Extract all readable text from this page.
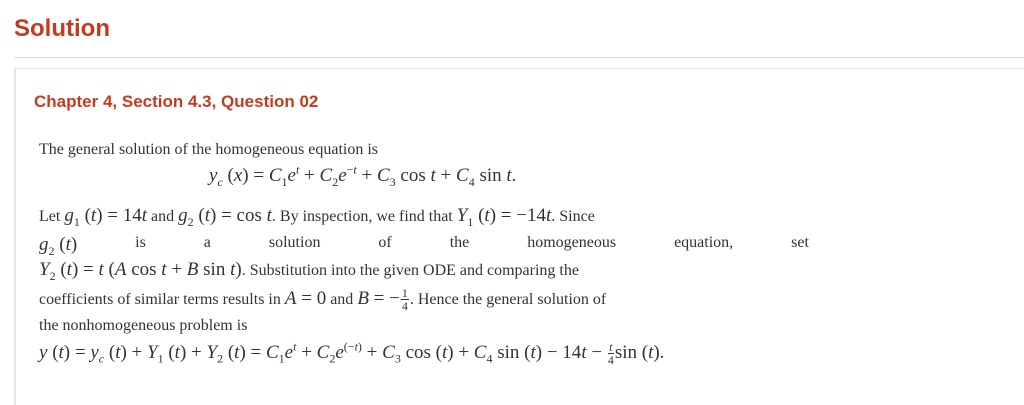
Solution
Chapter 4, Section 4.3, Question 02
The general solution of the homogeneous equation is
$y_c$ $(x) = C_1e^t + C_2e^{-t} + C_3$ $\cos t + C_4$ sin t.
Let $g_1$ (t) = 14t and $g_2$ (t) = cos t. By inspection, we find that $Y_1$ (t) = −14t. Since
$g_2$ (t)	is	a	solution	of	the	homogeneous	equation,	set
$Y_2$ (t) = t (A cos t + B sin t). Substitution into the given ODE and comparing the
coefficients of similar terms results in A = 0 and B = − $\frac{1}{4}$ . Hence the general solution of
the nonhomogeneous problem is
y $(t) = y_c$ $(t) + Y_1$ $(t) + Y_2$ $(t) = C_1e^t + C_2e^{(-t)} + C_3$ $\cos (t) + C_4$ $\sin (t) - 14t - \frac{t}{4}$ sin (t).
